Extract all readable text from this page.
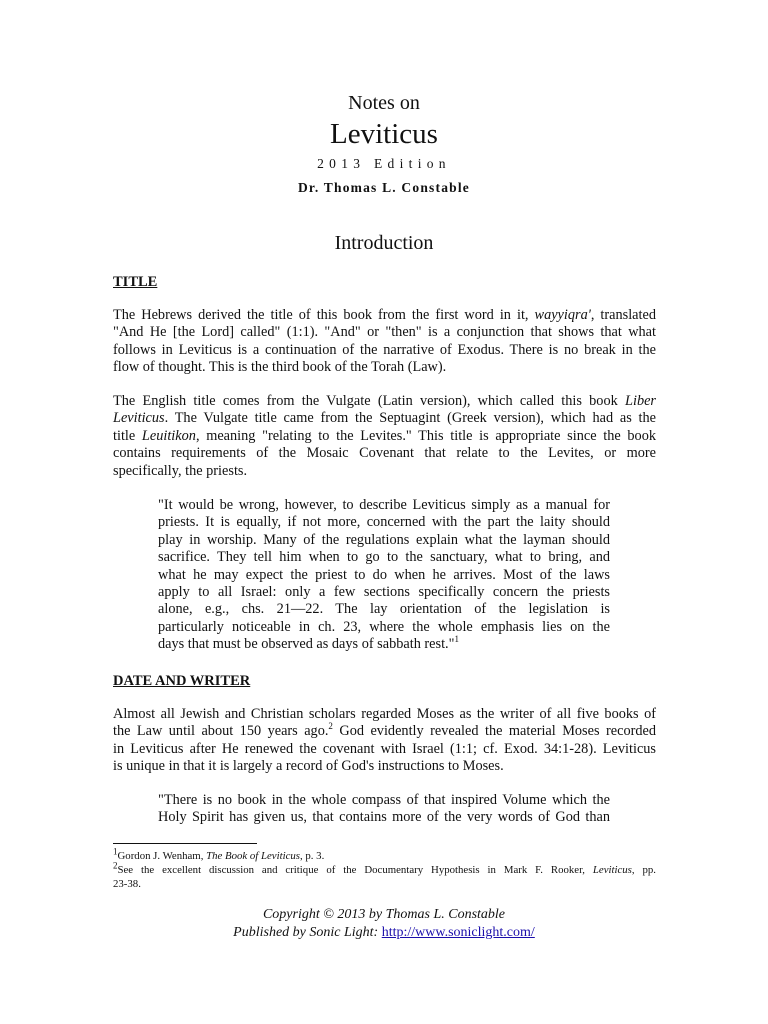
Notes on
Leviticus
2013 Edition
Dr. Thomas L. Constable
Introduction
TITLE
The Hebrews derived the title of this book from the first word in it, wayyiqra', translated
"And He [the Lord] called" (1:1). "And" or "then" is a conjunction that shows that what
follows in Leviticus is a continuation of the narrative of Exodus. There is no break in the
flow of thought. This is the third book of the Torah (Law).
The English title comes from the Vulgate (Latin version), which called this book Liber
Leviticus. The Vulgate title came from the Septuagint (Greek version), which had as the
title Leuitikon, meaning "relating to the Levites." This title is appropriate since the book
contains requirements of the Mosaic Covenant that relate to the Levites, or more
specifically, the priests.
"It would be wrong, however, to describe Leviticus simply as a manual for
priests. It is equally, if not more, concerned with the part the laity should
play in worship. Many of the regulations explain what the layman should
sacrifice. They tell him when to go to the sanctuary, what to bring, and
what he may expect the priest to do when he arrives. Most of the laws
apply to all Israel: only a few sections specifically concern the priests
alone, e.g., chs. 21—22. The lay orientation of the legislation is
particularly noticeable in ch. 23, where the whole emphasis lies on the
days that must be observed as days of sabbath rest."$^1$
DATE AND WRITER
Almost all Jewish and Christian scholars regarded Moses as the writer of all five books of
the Law until about 150 years ago.$^2$ God evidently revealed the material Moses recorded
in Leviticus after He renewed the covenant with Israel (1:1; cf. Exod. 34:1-28). Leviticus
is unique in that it is largely a record of God's instructions to Moses.
"There is no book in the whole compass of that inspired Volume which the
Holy Spirit has given us, that contains more of the very words of God than
$^1$Gordon J. Wenham, The Book of Leviticus, p. 3.
$^2$See the excellent discussion and critique of the Documentary Hypothesis in Mark F. Rooker, Leviticus, pp.
23-38.
Copyright © 2013 by Thomas L. Constable
Published by Sonic Light: http://www.soniclight.com/
